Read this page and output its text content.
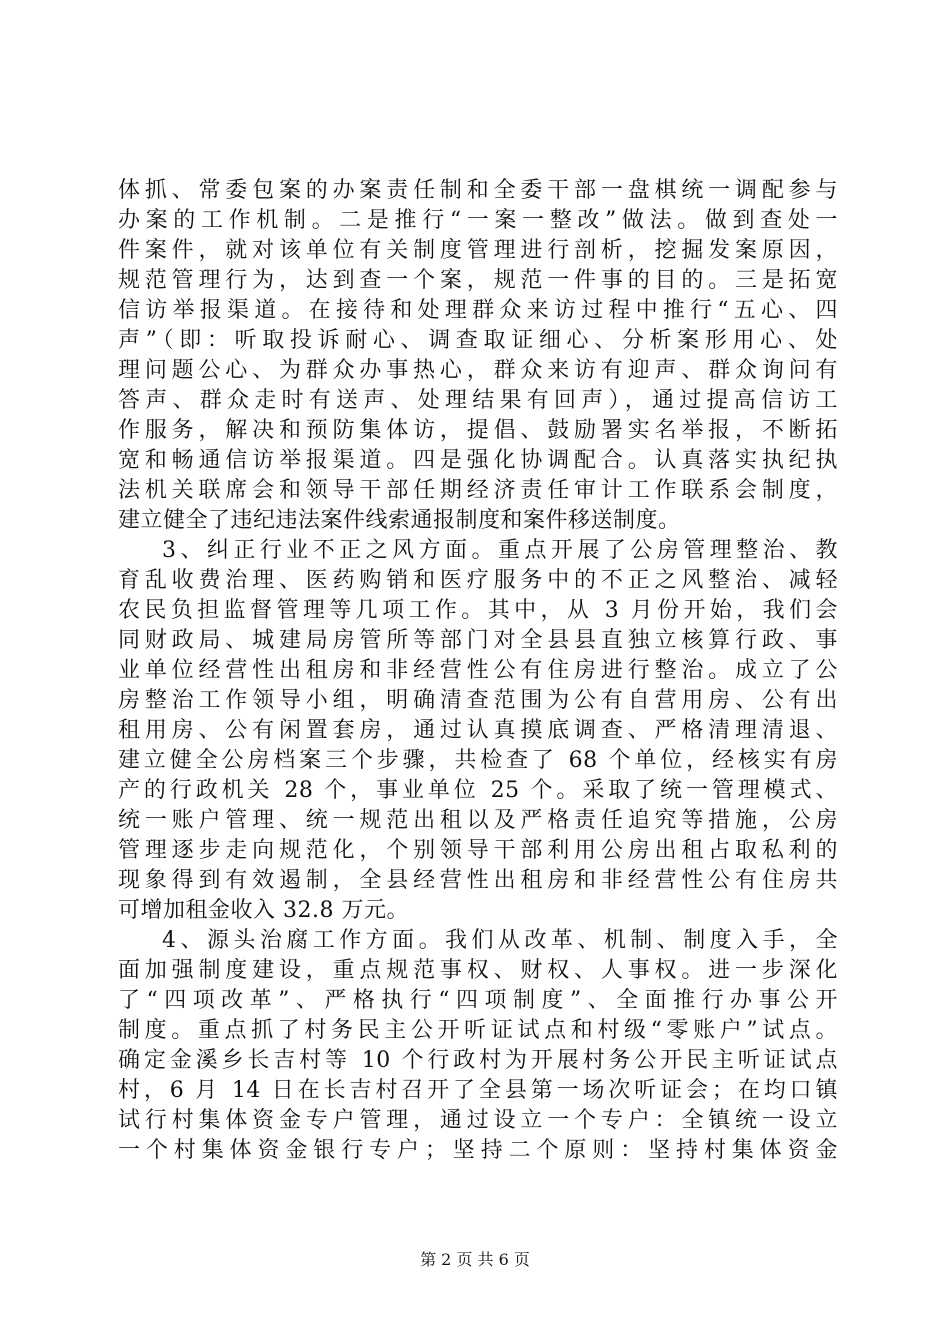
体抓、常委包案的办案责任制和全委干部一盘棋统一调配参与
办案的工作机制。二是推行“一案一整改”做法。做到查处一
件案件，就对该单位有关制度管理进行剖析，挖掘发案原因，
规范管理行为，达到查一个案，规范一件事的目的。三是拓宽
信访举报渠道。在接待和处理群众来访过程中推行“五心、四
声”（即：听取投诉耐心、调查取证细心、分析案形用心、处
理问题公心、为群众办事热心，群众来访有迎声、群众询问有
答声、群众走时有送声、处理结果有回声），通过提高信访工
作服务，解决和预防集体访，提倡、鼓励署实名举报，不断拓
宽和畅通信访举报渠道。四是强化协调配合。认真落实执纪执
法机关联席会和领导干部任期经济责任审计工作联系会制度，
建立健全了违纪违法案件线索通报制度和案件移送制度。
3、纠正行业不正之风方面。重点开展了公房管理整治、教
育乱收费治理、医药购销和医疗服务中的不正之风整治、减轻
农民负担监督管理等几项工作。其中，从 3 月份开始，我们会
同财政局、城建局房管所等部门对全县县直独立核算行政、事
业单位经营性出租房和非经营性公有住房进行整治。成立了公
房整治工作领导小组，明确清查范围为公有自营用房、公有出
租用房、公有闲置套房，通过认真摸底调查、严格清理清退、
建立健全公房档案三个步骤，共检查了 68 个单位，经核实有房
产的行政机关 28 个，事业单位 25 个。采取了统一管理模式、
统一账户管理、统一规范出租以及严格责任追究等措施，公房
管理逐步走向规范化，个别领导干部利用公房出租占取私利的
现象得到有效遏制，全县经营性出租房和非经营性公有住房共
可增加租金收入 32.8 万元。
4、源头治腐工作方面。我们从改革、机制、制度入手，全
面加强制度建设，重点规范事权、财权、人事权。进一步深化
了“四项改革”、严格执行“四项制度”、全面推行办事公开
制度。重点抓了村务民主公开听证试点和村级“零账户”试点。
确定金溪乡长吉村等 10 个行政村为开展村务公开民主听证试点
村，6 月 14 日在长吉村召开了全县第一场次听证会；在均口镇
试行村集体资金专户管理，通过设立一个专户：全镇统一设立
一个村集体资金银行专户；坚持二个原则：坚持村集体资金
第 2 页 共 6 页
